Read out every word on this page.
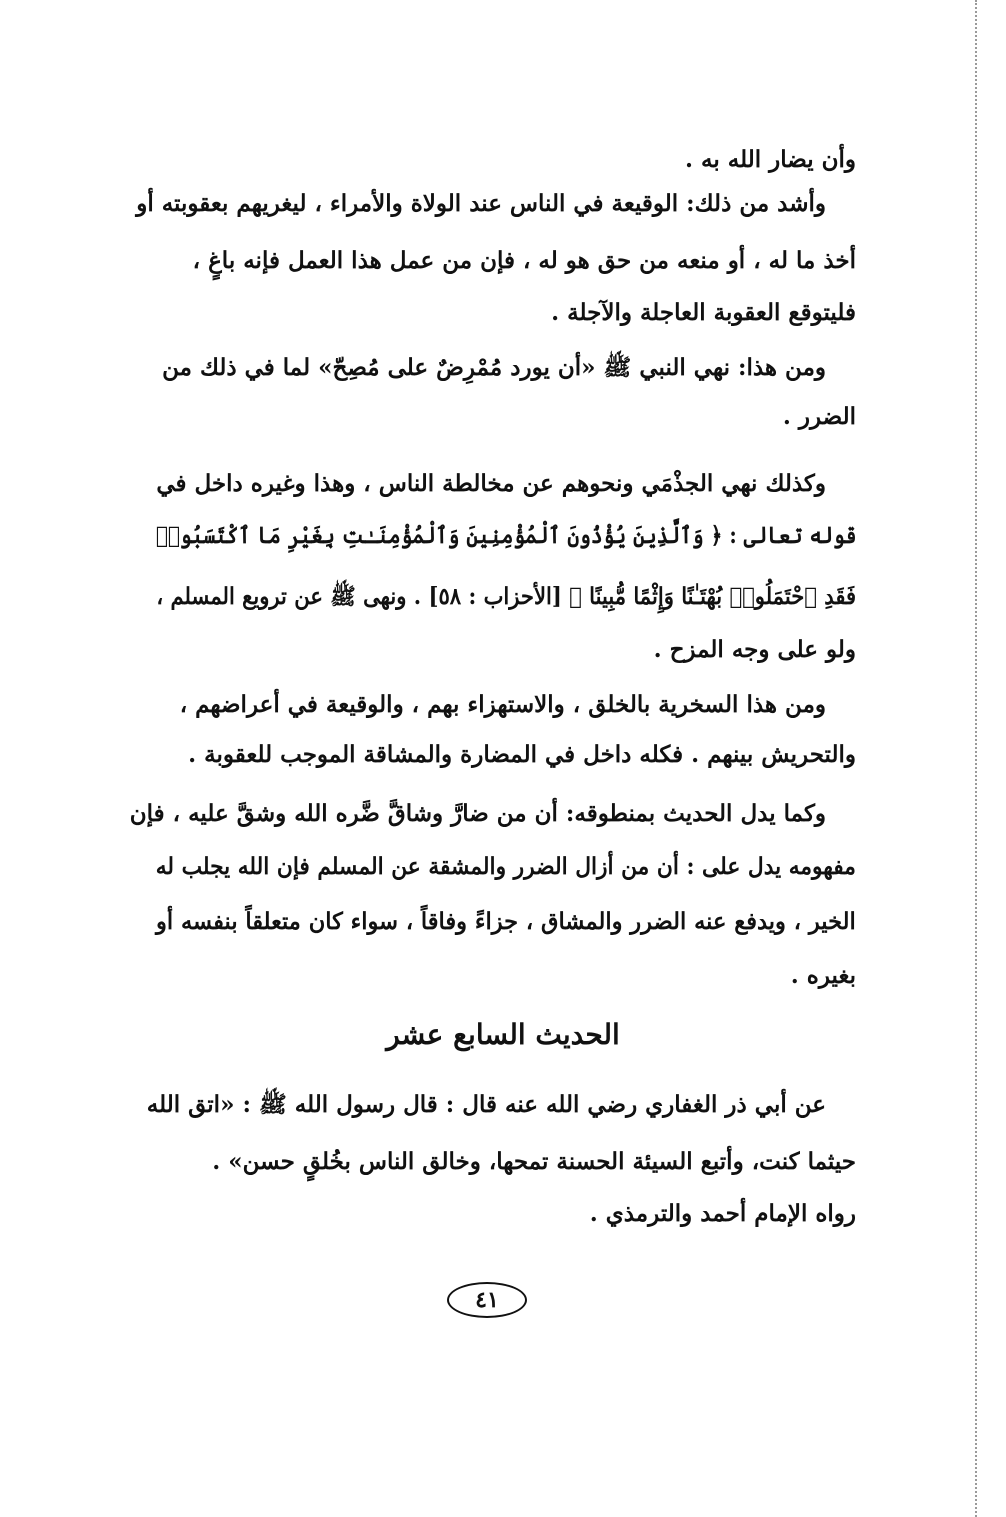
وأن يضار الله به .
وأشد من ذلك: الوقيعة في الناس عند الولاة والأمراء ، ليغريهم بعقوبته أو
أخذ ما له ، أو منعه من حق هو له ، فإن من عمل هذا العمل فإنه باغٍ ،
فليتوقع العقوبة العاجلة والآجلة .
ومن هذا: نهي النبي ﷺ «أن يورد مُمْرِضٌ على مُصِحّ» لما في ذلك من
الضرر .
وكذلك نهي الجذْمَي ونحوهم عن مخالطة الناس ، وهذا وغيره داخل في
قوله تعالى : ﴿ وَٱلَّذِينَ يُؤْذُونَ ٱلْمُؤْمِنِينَ وَٱلْمُؤْمِنَـٰتِ بِغَيْرِ مَا ٱكْتَسَبُوا۟
فَقَدِ ٱحْتَمَلُوا۟ بُهْتَـٰنًا وَإِثْمًا مُّبِينًا ﴾ [الأحزاب : ٥٨] . ونهى ﷺ عن ترويع المسلم ،
ولو على وجه المزح .
ومن هذا السخرية بالخلق ، والاستهزاء بهم ، والوقيعة في أعراضهم ،
والتحريش بينهم . فكله داخل في المضارة والمشاقة الموجب للعقوبة .
وكما يدل الحديث بمنطوقه: أن من ضارَّ وشاقَّ ضَّره الله وشقَّ عليه ، فإن
مفهومه يدل على : أن من أزال الضرر والمشقة عن المسلم فإن الله يجلب له
الخير ، ويدفع عنه الضرر والمشاق ، جزاءً وفاقاً ، سواء كان متعلقاً بنفسه أو
بغيره .
الحديث السابع عشر
عن أبي ذر الغفاري رضي الله عنه قال : قال رسول الله ﷺ : «اتق الله
حيثما كنت، وأتبع السيئة الحسنة تمحها، وخالق الناس بخُلقٍ حسن» .
رواه الإمام أحمد والترمذي .
٤١
